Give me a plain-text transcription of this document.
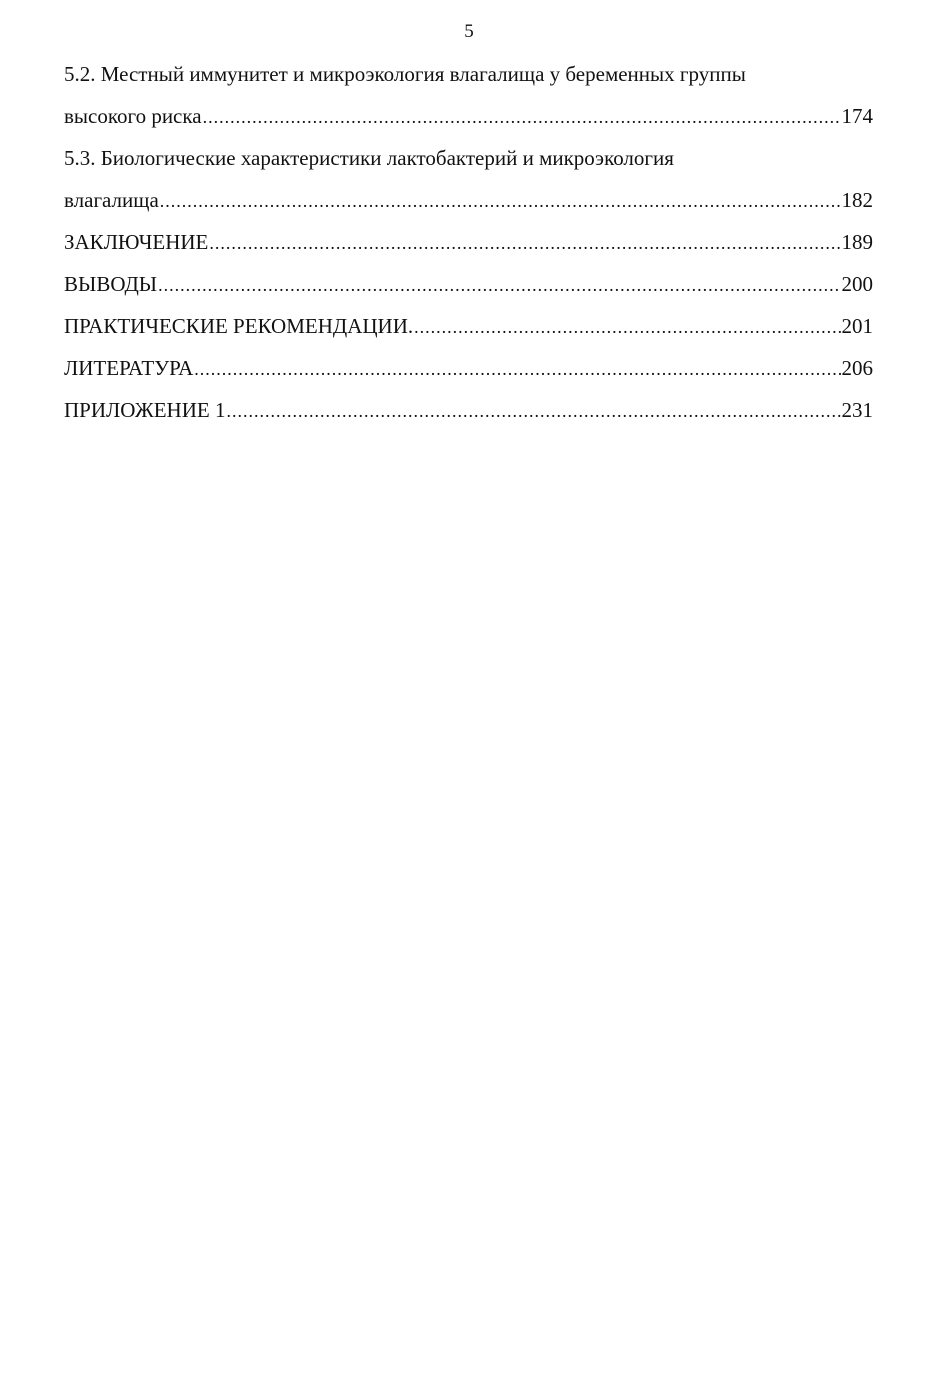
5
5.2. Местный иммунитет и микроэкология влагалища у беременных группы
высокого риска .....	174
5.3. Биологические характеристики лактобактерий и микроэкология
влагалища .....	182
ЗАКЛЮЧЕНИЕ .....	189
ВЫВОДЫ .....	200
ПРАКТИЧЕСКИЕ РЕКОМЕНДАЦИИ. .....	201
ЛИТЕРАТУРА .....	206
ПРИЛОЖЕНИЕ 1 .....	231
